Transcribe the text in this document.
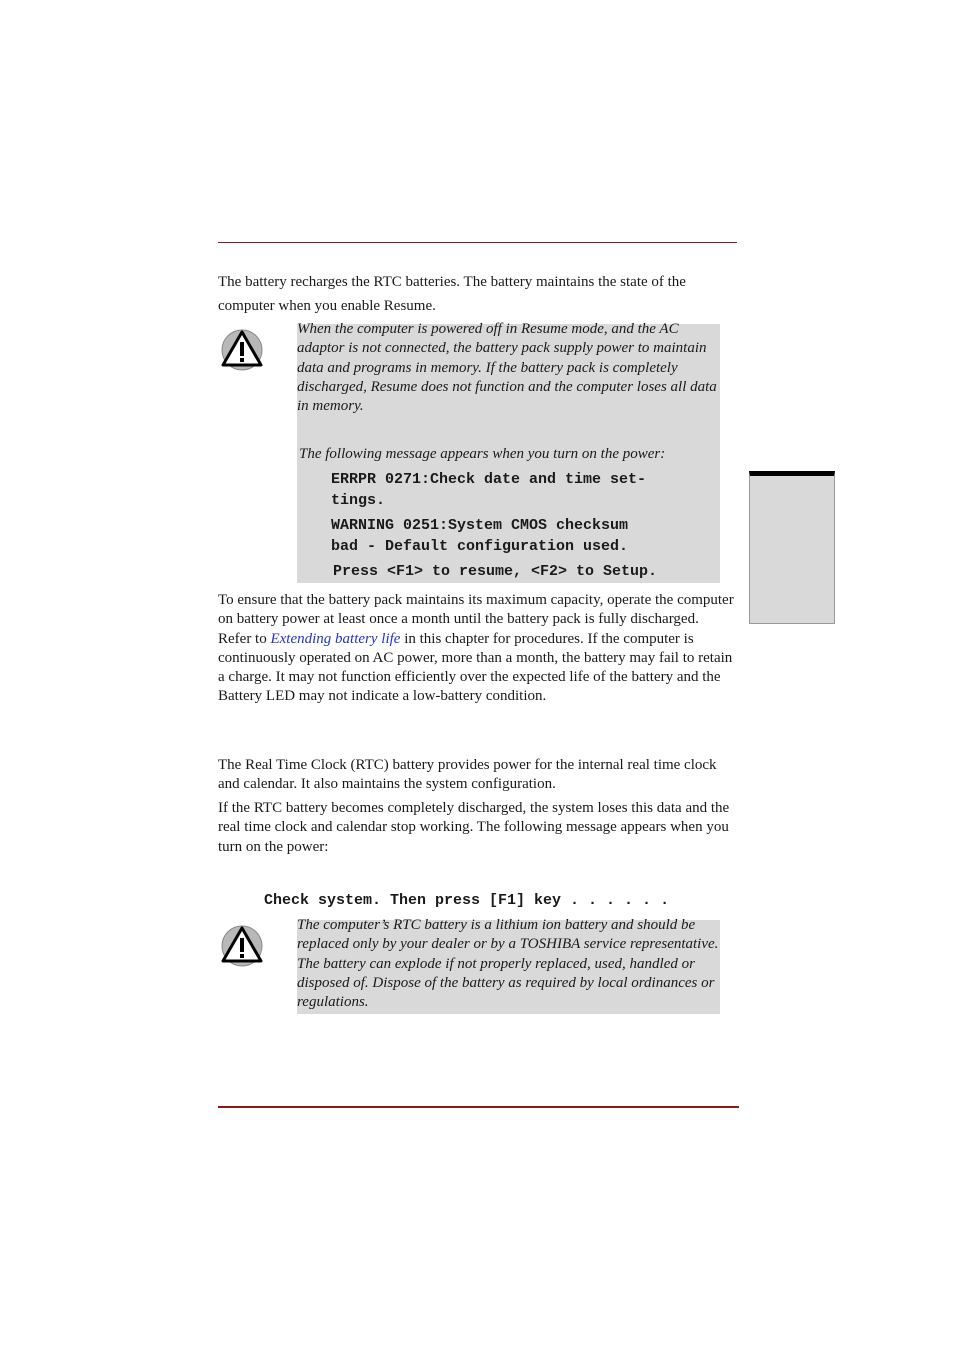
The battery recharges the RTC batteries. The battery maintains the state of the
computer when you enable Resume.

When the computer is powered off in Resume mode, and the AC adaptor is not connected, the battery pack supply power to maintain data and programs in memory. If the battery pack is completely discharged, Resume does not function and the computer loses all data in memory.

The following message appears when you turn on the power:

ERRPR 0271:Check date and time set-
tings.

WARNING 0251:System CMOS checksum
bad - Default configuration used.

Press <F1> to resume, <F2> to Setup.

To ensure that the battery pack maintains its maximum capacity, operate the computer on battery power at least once a month until the battery pack is fully discharged. Refer to Extending battery life in this chapter for procedures. If the computer is continuously operated on AC power, more than a month, the battery may fail to retain a charge. It may not function efficiently over the expected life of the battery and the Battery LED may not indicate a low-battery condition.

The Real Time Clock (RTC) battery provides power for the internal real time clock and calendar. It also maintains the system configuration.

If the RTC battery becomes completely discharged, the system loses this data and the real time clock and calendar stop working. The following message appears when you turn on the power:

Check system. Then press [F1] key . . . . . .

The computer’s RTC battery is a lithium ion battery and should be replaced only by your dealer or by a TOSHIBA service representative. The battery can explode if not properly replaced, used, handled or disposed of. Dispose of the battery as required by local ordinances or regulations.
